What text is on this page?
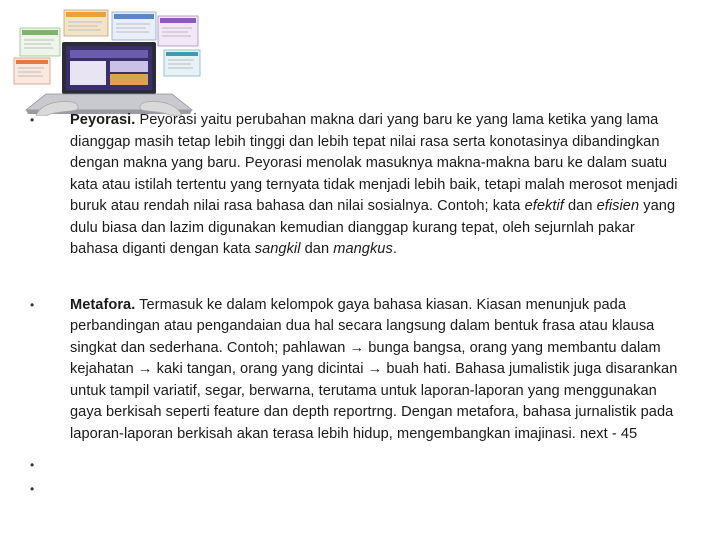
•	Peyorasi. Peyorasi yaitu perubahan makna dari yang baru ke yang lama ketika yang lama dianggap masih tetap lebih tinggi dan lebih tepat nilai rasa serta konotasinya dibandingkan dengan makna yang baru. Peyorasi menolak masuknya makna-makna baru ke dalam suatu kata atau istilah tertentu yang ternyata tidak menjadi lebih baik, tetapi malah merosot menjadi buruk atau rendah nilai rasa bahasa dan nilai sosialnya. Contoh; kata efektif dan efisien yang dulu biasa dan lazim digunakan kemudian dianggap kurang tepat, oleh sejurnlah pakar bahasa diganti dengan kata sangkil dan mangkus.

•	Metafora. Termasuk ke dalam kelompok gaya bahasa kiasan. Kiasan menunjuk pada perbandingan atau pengandaian dua hal secara langsung dalam bentuk frasa atau klausa singkat dan sederhana. Contoh; pahlawan → bunga bangsa, orang yang membantu dalam kejahatan → kaki tangan, orang yang dicintai → buah hati. Bahasa jumalistik juga disarankan untuk tampil variatif, segar, berwarna, terutama untuk laporan-laporan yang menggunakan gaya berkisah seperti feature dan depth reportrng. Dengan metafora, bahasa jurnalistik pada laporan-laporan berkisah akan terasa lebih hidup, mengembangkan imajinasi. next - 45

•
•
